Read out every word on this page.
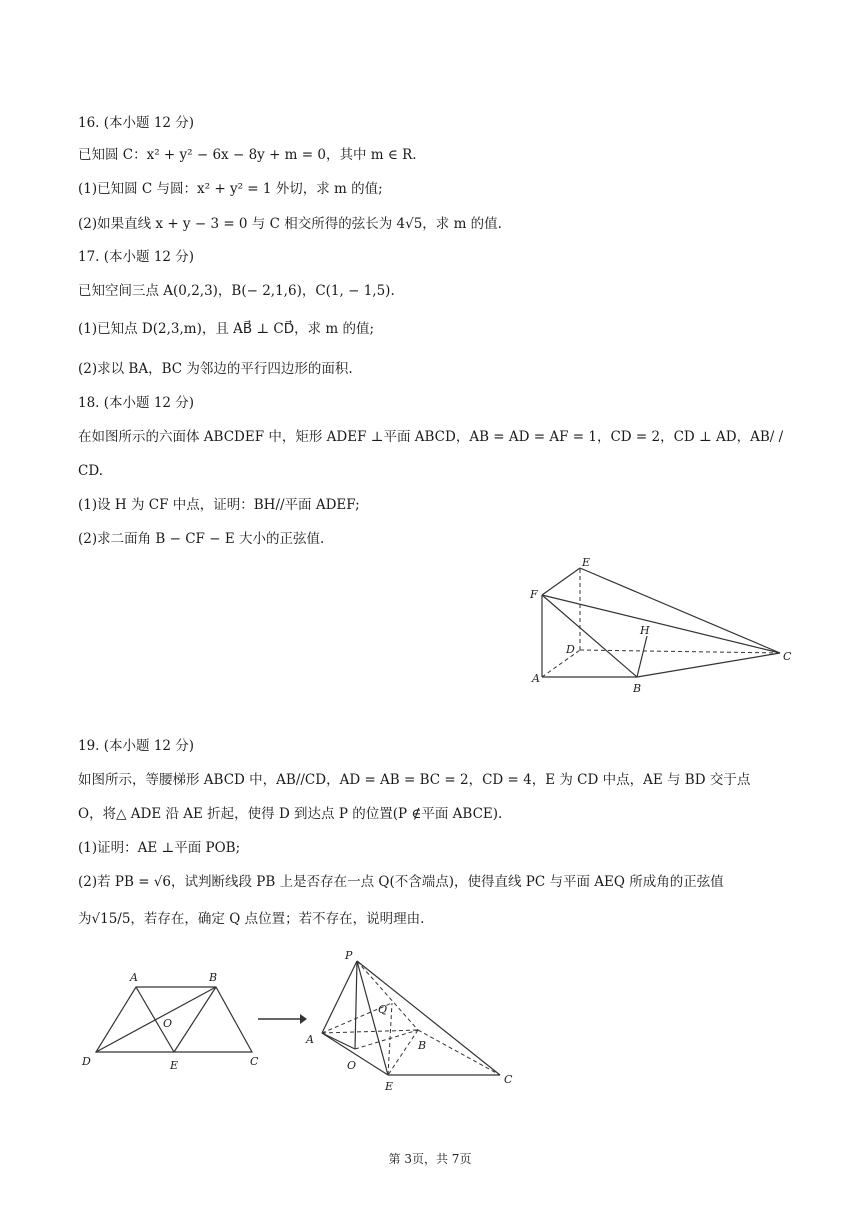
16. (本小题 12 分)
已知圆 C：x² + y² − 6x − 8y + m = 0，其中 m ∈ R.
(1)已知圆 C 与圆：x² + y² = 1 外切，求 m 的值;
(2)如果直线 x + y − 3 = 0 与 C 相交所得的弦长为 4√5，求 m 的值.
17. (本小题 12 分)
已知空间三点 A(0,2,3)，B(− 2,1,6)，C(1, − 1,5).
(1)已知点 D(2,3,m)，且 AB⃗ ⊥ CD⃗，求 m 的值;
(2)求以 BA，BC 为邻边的平行四边形的面积.
18. (本小题 12 分)
在如图所示的六面体 ABCDEF 中，矩形 ADEF ⊥平面 ABCD，AB = AD = AF = 1，CD = 2，CD ⊥ AD，AB/ /
CD.
(1)设 H 为 CF 中点，证明：BH//平面 ADEF;
(2)求二面角 B − CF − E 大小的正弦值.
E
F
H
D
C
A
B
19. (本小题 12 分)
如图所示，等腰梯形 ABCD 中，AB//CD，AD = AB = BC = 2，CD = 4，E 为 CD 中点，AE 与 BD 交于点
O，将△ ADE 沿 AE 折起，使得 D 到达点 P 的位置(P ∉平面 ABCE).
(1)证明：AE ⊥平面 POB;
(2)若 PB = √6，试判断线段 PB 上是否存在一点 Q(不含端点)，使得直线 PC 与平面 AEQ 所成角的正弦值
为√15/5，若存在，确定 Q 点位置；若不存在，说明理由.
A	B
O
D	E	C
P
Q
A	B
O
E
C
第 3页，共 7页
